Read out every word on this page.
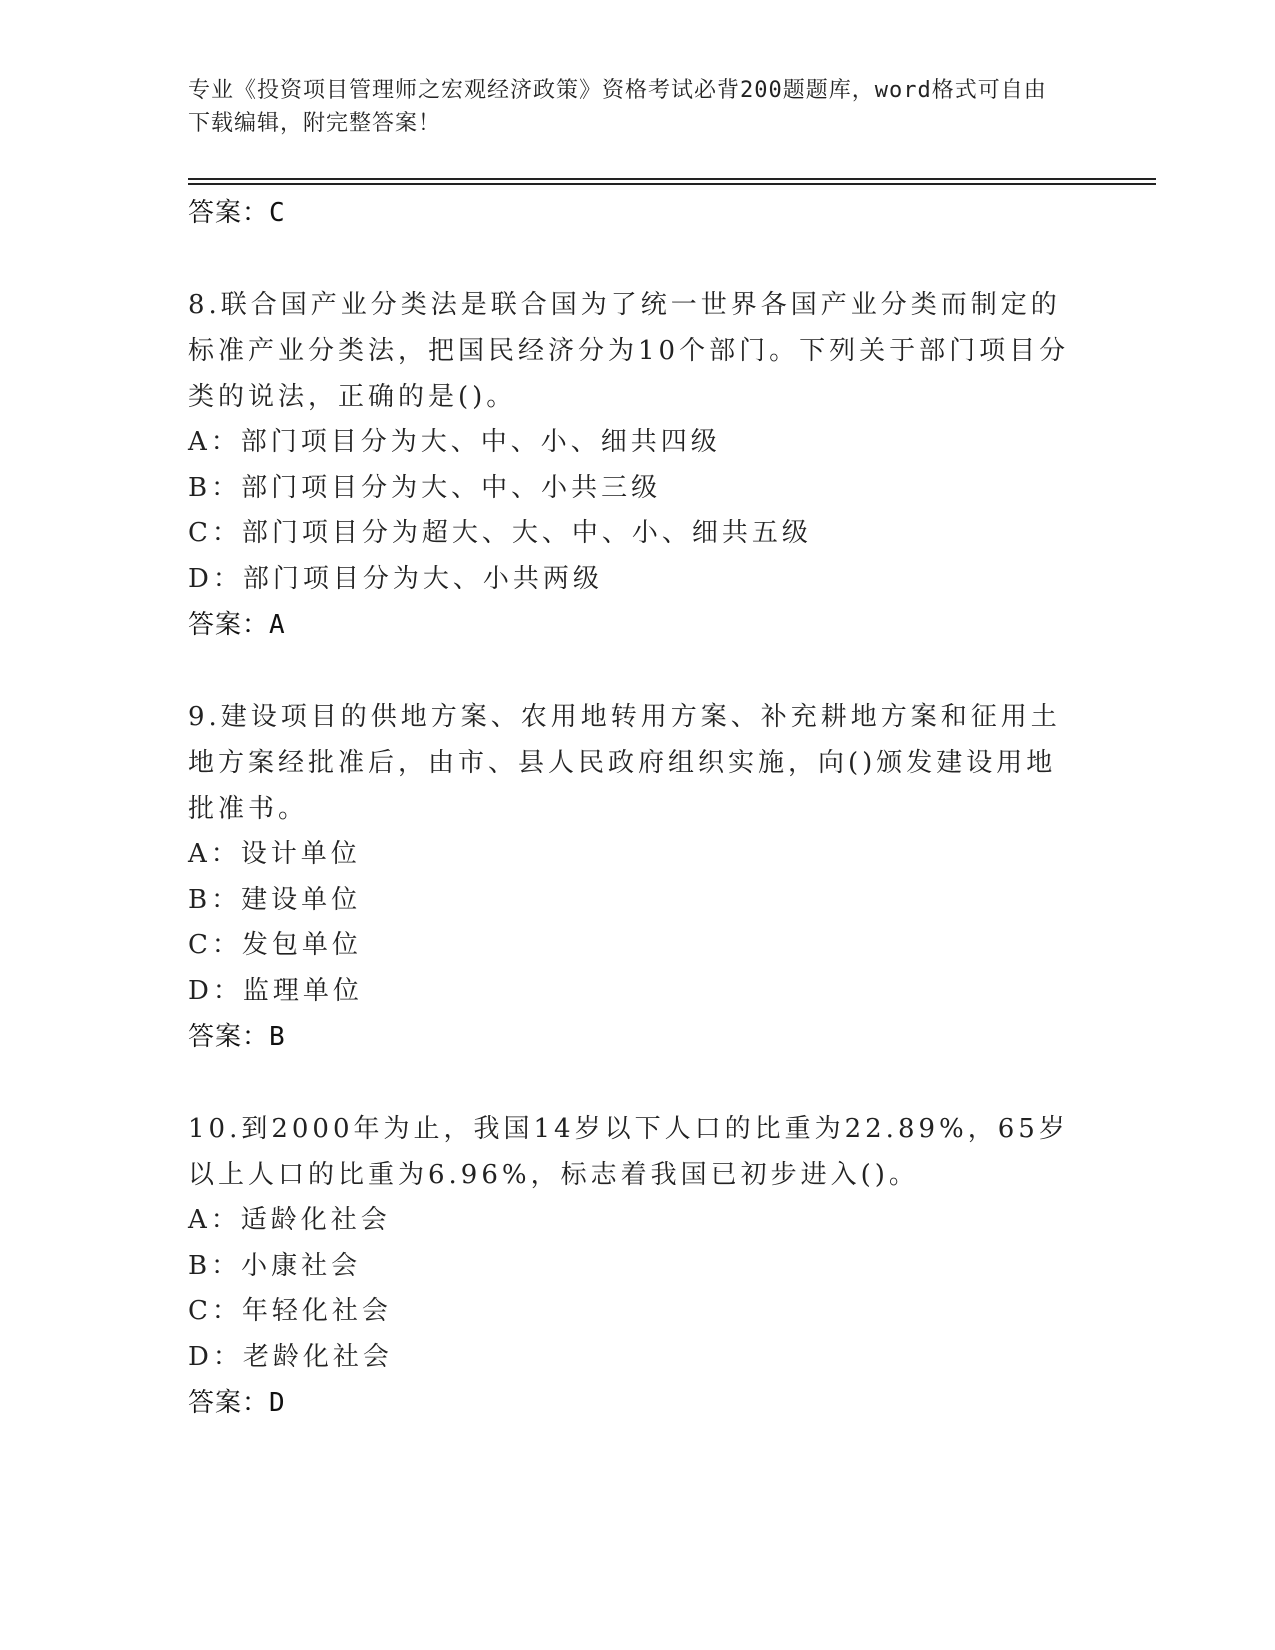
专业《投资项目管理师之宏观经济政策》资格考试必背200题题库，word格式可自由下载编辑，附完整答案！
答案：C
8.联合国产业分类法是联合国为了统一世界各国产业分类而制定的标准产业分类法，把国民经济分为10个部门。下列关于部门项目分类的说法，正确的是()。
A：部门项目分为大、中、小、细共四级
B：部门项目分为大、中、小共三级
C：部门项目分为超大、大、中、小、细共五级
D：部门项目分为大、小共两级
答案：A
9.建设项目的供地方案、农用地转用方案、补充耕地方案和征用土地方案经批准后，由市、县人民政府组织实施，向()颁发建设用地批准书。
A：设计单位
B：建设单位
C：发包单位
D：监理单位
答案：B
10.到2000年为止，我国14岁以下人口的比重为22.89%，65岁以上人口的比重为6.96%，标志着我国已初步进入()。
A：适龄化社会
B：小康社会
C：年轻化社会
D：老龄化社会
答案：D
